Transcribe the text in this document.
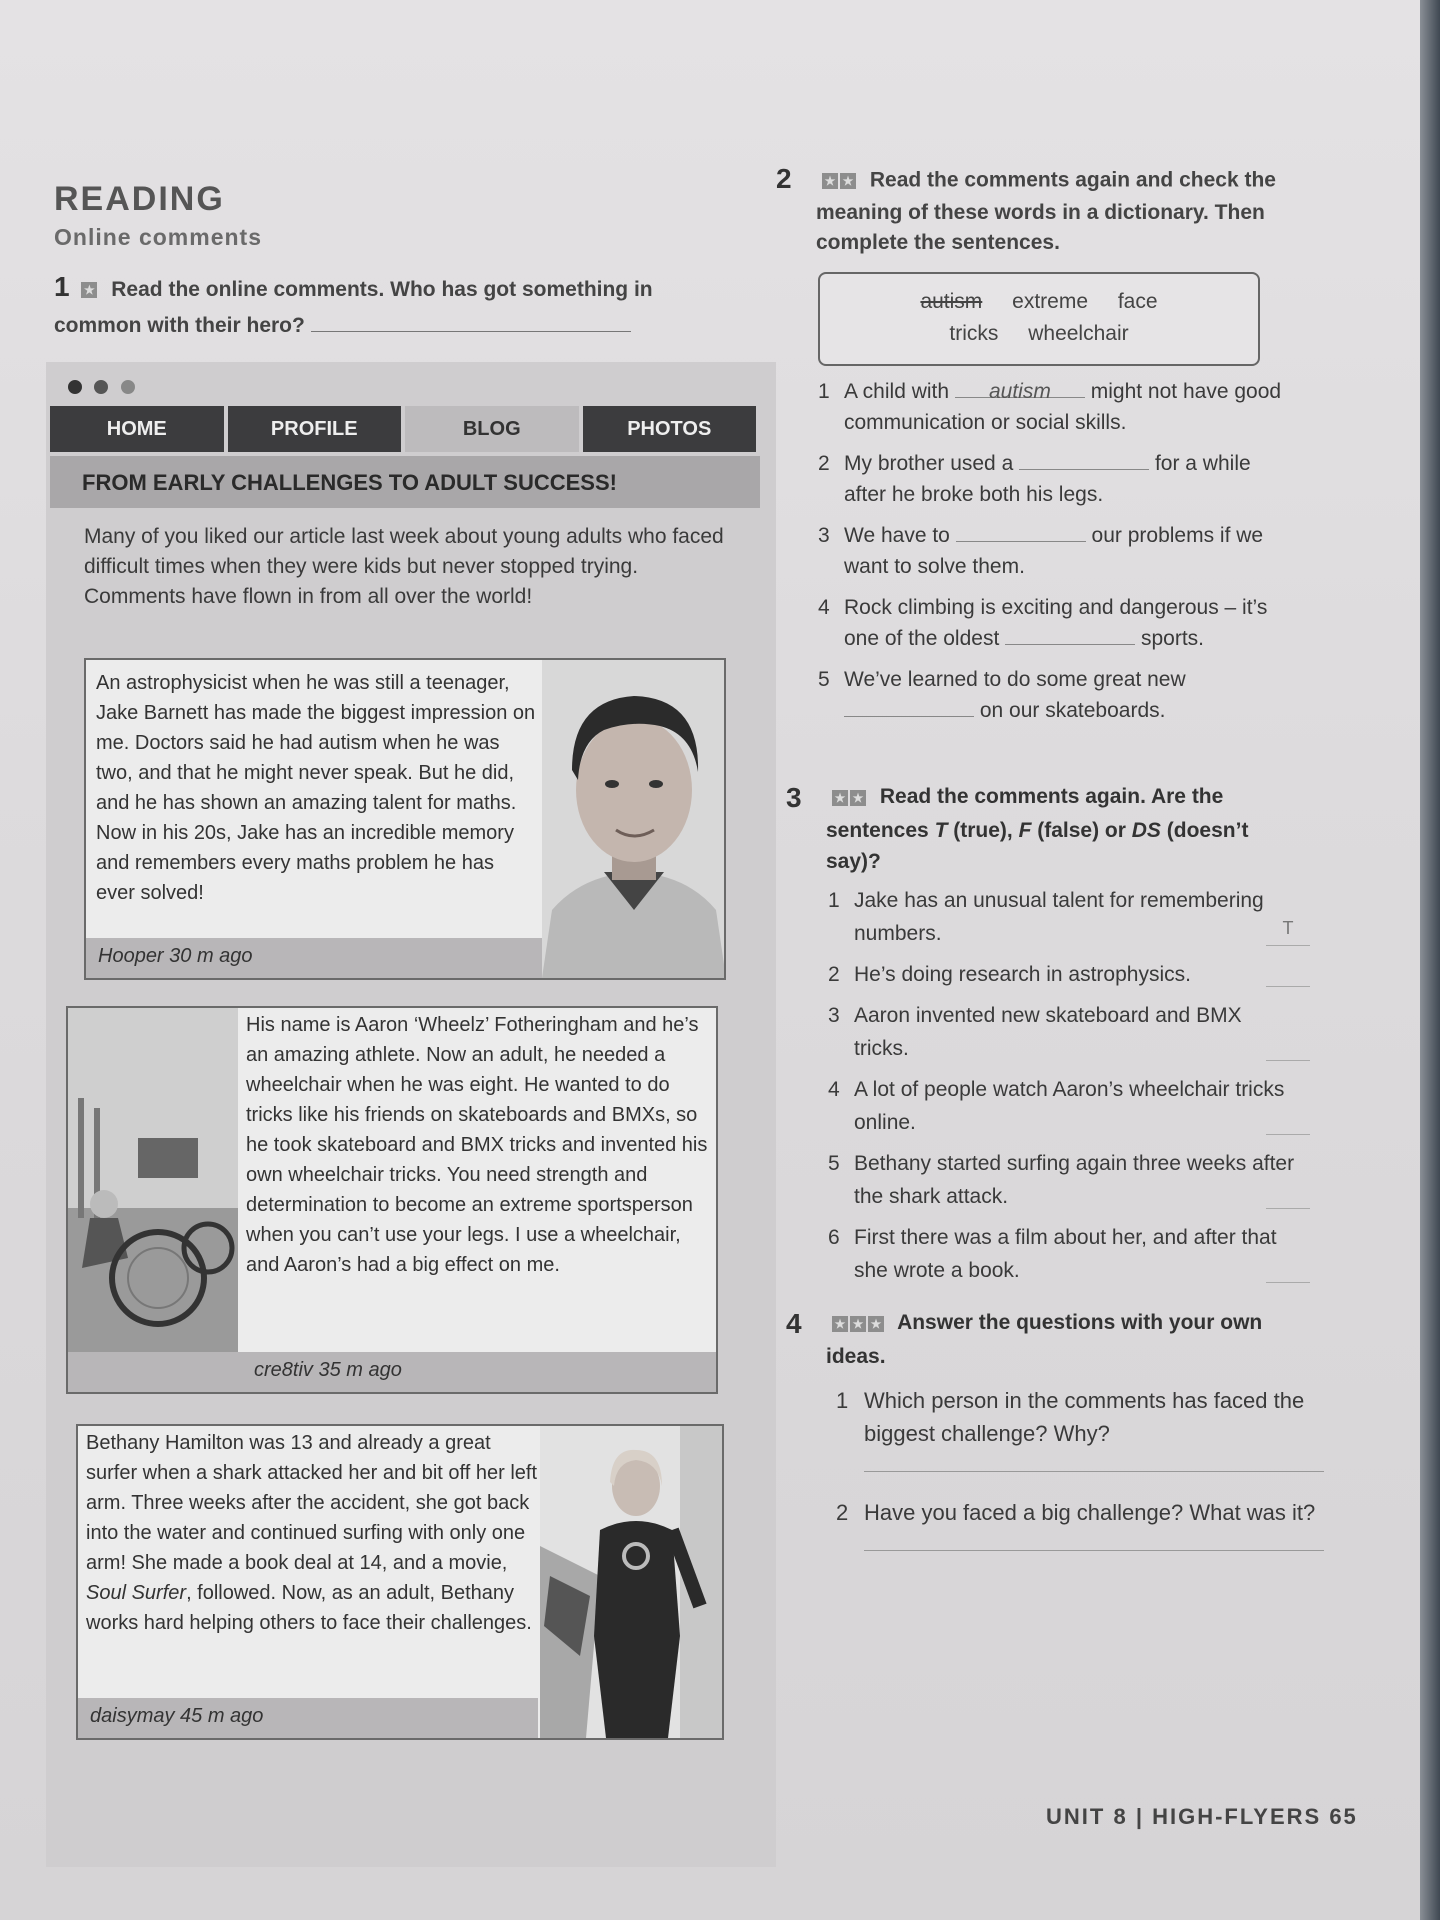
READING
Online comments
1 ★ Read the online comments. Who has got something in common with their hero?

HOME	PROFILE	BLOG	PHOTOS
FROM EARLY CHALLENGES TO ADULT SUCCESS!
Many of you liked our article last week about young adults who faced difficult times when they were kids but never stopped trying. Comments have flown in from all over the world!
An astrophysicist when he was still a teenager, Jake Barnett has made the biggest impression on me. Doctors said he had autism when he was two, and that he might never speak. But he did, and he has shown an amazing talent for maths. Now in his 20s, Jake has an incredible memory and remembers every maths problem he has ever solved!
Hooper 30 m ago
His name is Aaron ‘Wheelz’ Fotheringham and he’s an amazing athlete. Now an adult, he needed a wheelchair when he was eight. He wanted to do tricks like his friends on skateboards and BMXs, so he took skateboard and BMX tricks and invented his own wheelchair tricks. You need strength and determination to become an extreme sportsperson when you can’t use your legs. I use a wheelchair, and Aaron’s had a big effect on me.
cre8tiv 35 m ago
Bethany Hamilton was 13 and already a great surfer when a shark attacked her and bit off her left arm. Three weeks after the accident, she got back into the water and continued surfing with only one arm! She made a book deal at 14, and a movie, Soul Surfer, followed. Now, as an adult, Bethany works hard helping others to face their challenges.
daisymay 45 m ago
2	★ ★ Read the comments again and check the meaning of these words in a dictionary. Then complete the sentences.
autism extreme face
tricks wheelchair
1 A child with autism might not have good communication or social skills.
2 My brother used a	for a while after he broke both his legs.
3 We have to	our problems if we want to solve them.
4 Rock climbing is exciting and dangerous – it’s one of the oldest	sports.
5 We’ve learned to do some great new  on our skateboards.
3	★ ★ Read the comments again. Are the sentences T (true), F (false) or DS (doesn’t say)?
1 Jake has an unusual talent for remembering numbers.	T
2 He’s doing research in astrophysics.
3 Aaron invented new skateboard and BMX tricks.
4 A lot of people watch Aaron’s wheelchair tricks online.
5 Bethany started surfing again three weeks after the shark attack.
6 First there was a film about her, and after that she wrote a book.
4	★ ★ ★ Answer the questions with your own ideas.
1 Which person in the comments has faced the biggest challenge? Why?
2 Have you faced a big challenge? What was it?
UNIT 8 | HIGH-FLYERS 65
